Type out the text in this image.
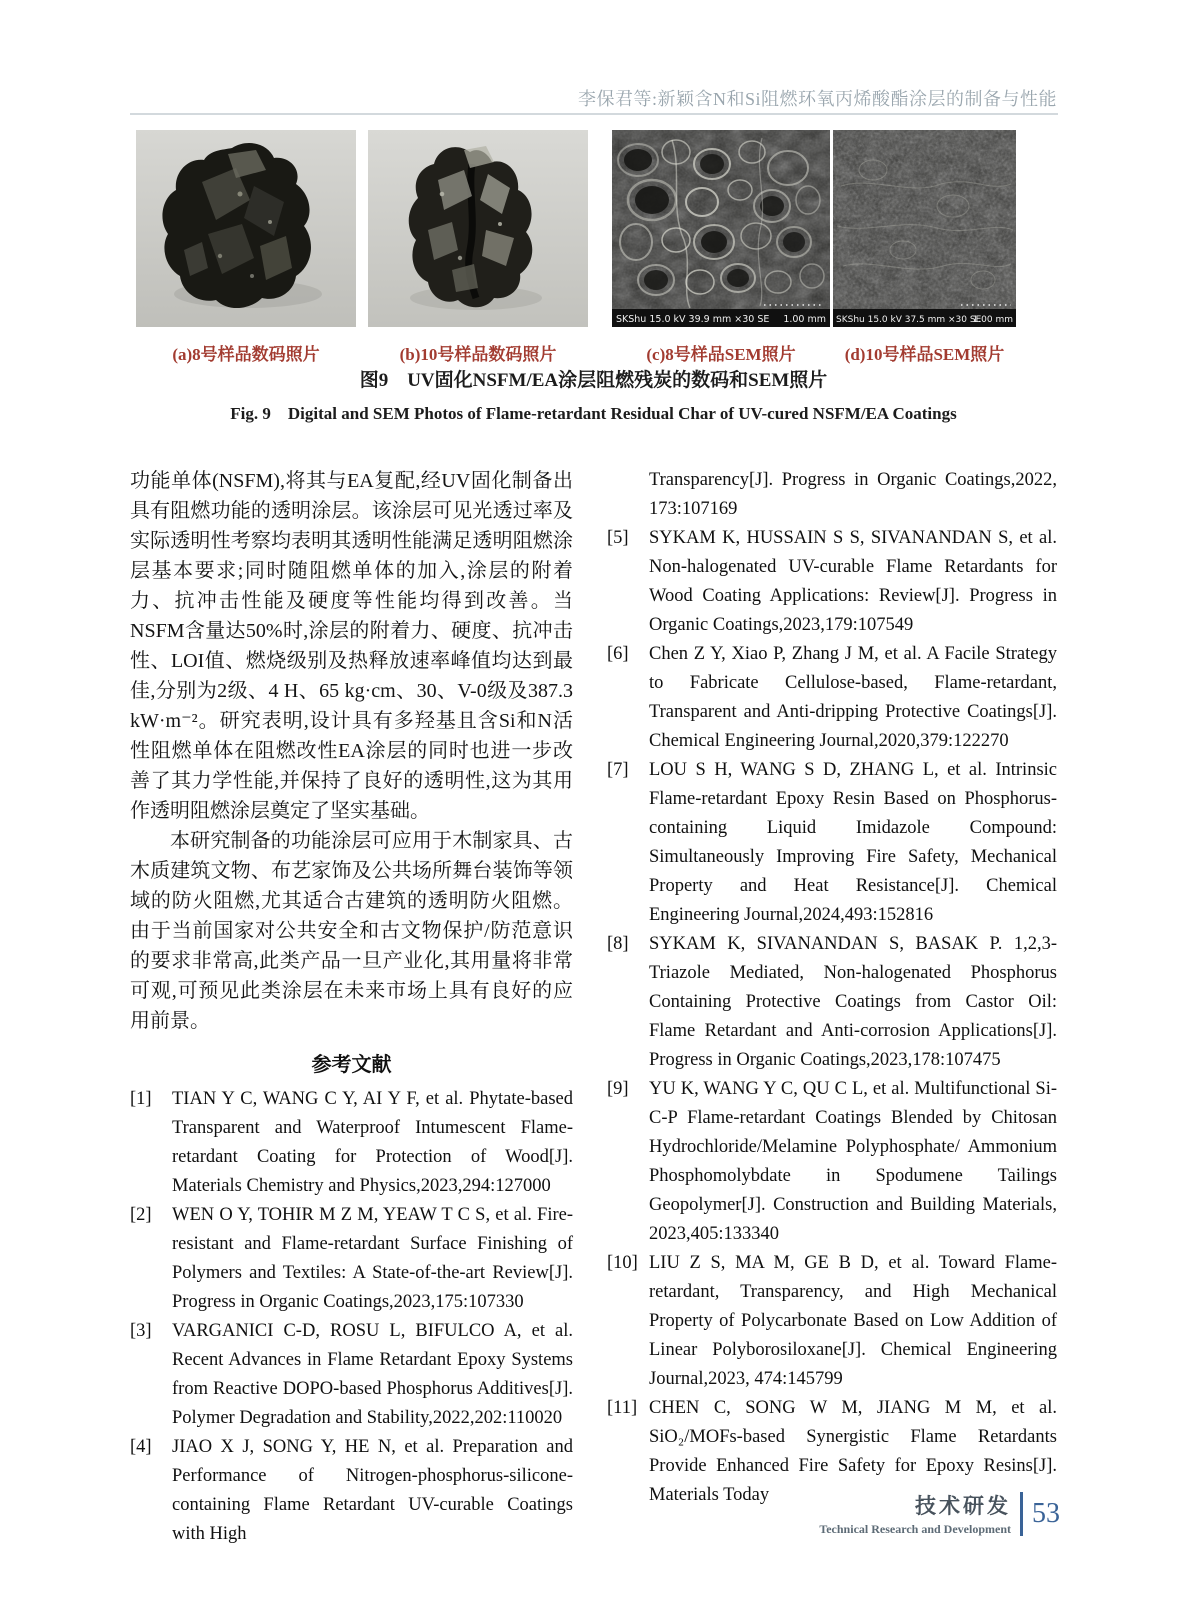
李保君等:新颖含N和Si阻燃环氧丙烯酸酯涂层的制备与性能
(a)8号样品数码照片	(b)10号样品数码照片
SKShu 15.0 kV 39.9 mm ×30 SE 1.00 mm
(c)8号样品SEM照片
SKShu 15.0 kV 37.5 mm ×30 SE
1.00 mm
(d)10号样品SEM照片
图9　UV固化NSFM/EA涂层阻燃残炭的数码和SEM照片
Fig. 9　Digital and SEM Photos of Flame-retardant Residual Char of UV-cured NSFM/EA Coatings
功能单体(NSFM),将其与EA复配,经UV固化制备出具有阻燃功能的透明涂层。该涂层可见光透过率及实际透明性考察均表明其透明性能满足透明阻燃涂层基本要求;同时随阻燃单体的加入,涂层的附着力、抗冲击性能及硬度等性能均得到改善。当NSFM含量达50%时,涂层的附着力、硬度、抗冲击性、LOI值、燃烧级别及热释放速率峰值均达到最佳,分别为2级、4 H、65 kg·cm、30、V-0级及387.3 kW·m⁻²。研究表明,设计具有多羟基且含Si和N活性阻燃单体在阻燃改性EA涂层的同时也进一步改善了其力学性能,并保持了良好的透明性,这为其用作透明阻燃涂层奠定了坚实基础。
本研究制备的功能涂层可应用于木制家具、古木质建筑文物、布艺家饰及公共场所舞台装饰等领域的防火阻燃,尤其适合古建筑的透明防火阻燃。由于当前国家对公共安全和古文物保护/防范意识的要求非常高,此类产品一旦产业化,其用量将非常可观,可预见此类涂层在未来市场上具有良好的应用前景。
参考文献
[1] TIAN Y C, WANG C Y, AI Y F, et al. Phytate-based Transparent and Waterproof Intumescent Flame-retardant Coating for Protection of Wood[J]. Materials Chemistry and Physics,2023,294:127000
[2] WEN O Y, TOHIR M Z M, YEAW T C S, et al. Fire-resistant and Flame-retardant Surface Finishing of Polymers and Textiles: A State-of-the-art Review[J]. Progress in Organic Coatings,2023,175:107330
[3] VARGANICI C-D, ROSU L, BIFULCO A, et al. Recent Advances in Flame Retardant Epoxy Systems from Reactive DOPO-based Phosphorus Additives[J]. Polymer Degradation and Stability,2022,202:110020
[4] JIAO X J, SONG Y, HE N, et al. Preparation and Performance of Nitrogen-phosphorus-silicone-containing Flame Retardant UV-curable Coatings with High
Transparency[J]. Progress in Organic Coatings,2022, 173:107169
[5] SYKAM K, HUSSAIN S S, SIVANANDAN S, et al. Non-halogenated UV-curable Flame Retardants for Wood Coating Applications: Review[J]. Progress in Organic Coatings,2023,179:107549
[6] Chen Z Y, Xiao P, Zhang J M, et al. A Facile Strategy to Fabricate Cellulose-based, Flame-retardant, Transparent and Anti-dripping Protective Coatings[J]. Chemical Engineering Journal,2020,379:122270
[7] LOU S H, WANG S D, ZHANG L, et al. Intrinsic Flame-retardant Epoxy Resin Based on Phosphorus-containing Liquid Imidazole Compound: Simultaneously Improving Fire Safety, Mechanical Property and Heat Resistance[J]. Chemical Engineering Journal,2024,493:152816
[8] SYKAM K, SIVANANDAN S, BASAK P. 1,2,3-Triazole Mediated, Non-halogenated Phosphorus Containing Protective Coatings from Castor Oil: Flame Retardant and Anti-corrosion Applications[J]. Progress in Organic Coatings,2023,178:107475
[9] YU K, WANG Y C, QU C L, et al. Multifunctional Si-C-P Flame-retardant Coatings Blended by Chitosan Hydrochloride/Melamine Polyphosphate/ Ammonium Phosphomolybdate in Spodumene Tailings Geopolymer[J]. Construction and Building Materials, 2023,405:133340
[10] LIU Z S, MA M, GE B D, et al. Toward Flame-retardant, Transparency, and High Mechanical Property of Polycarbonate Based on Low Addition of Linear Polyborosiloxane[J]. Chemical Engineering Journal,2023, 474:145799
[11] CHEN C, SONG W M, JIANG M M, et al. SiO₂/MOFs-based Synergistic Flame Retardants Provide Enhanced Fire Safety for Epoxy Resins[J]. Materials Today	技术研发
Technical Research and Development
53
